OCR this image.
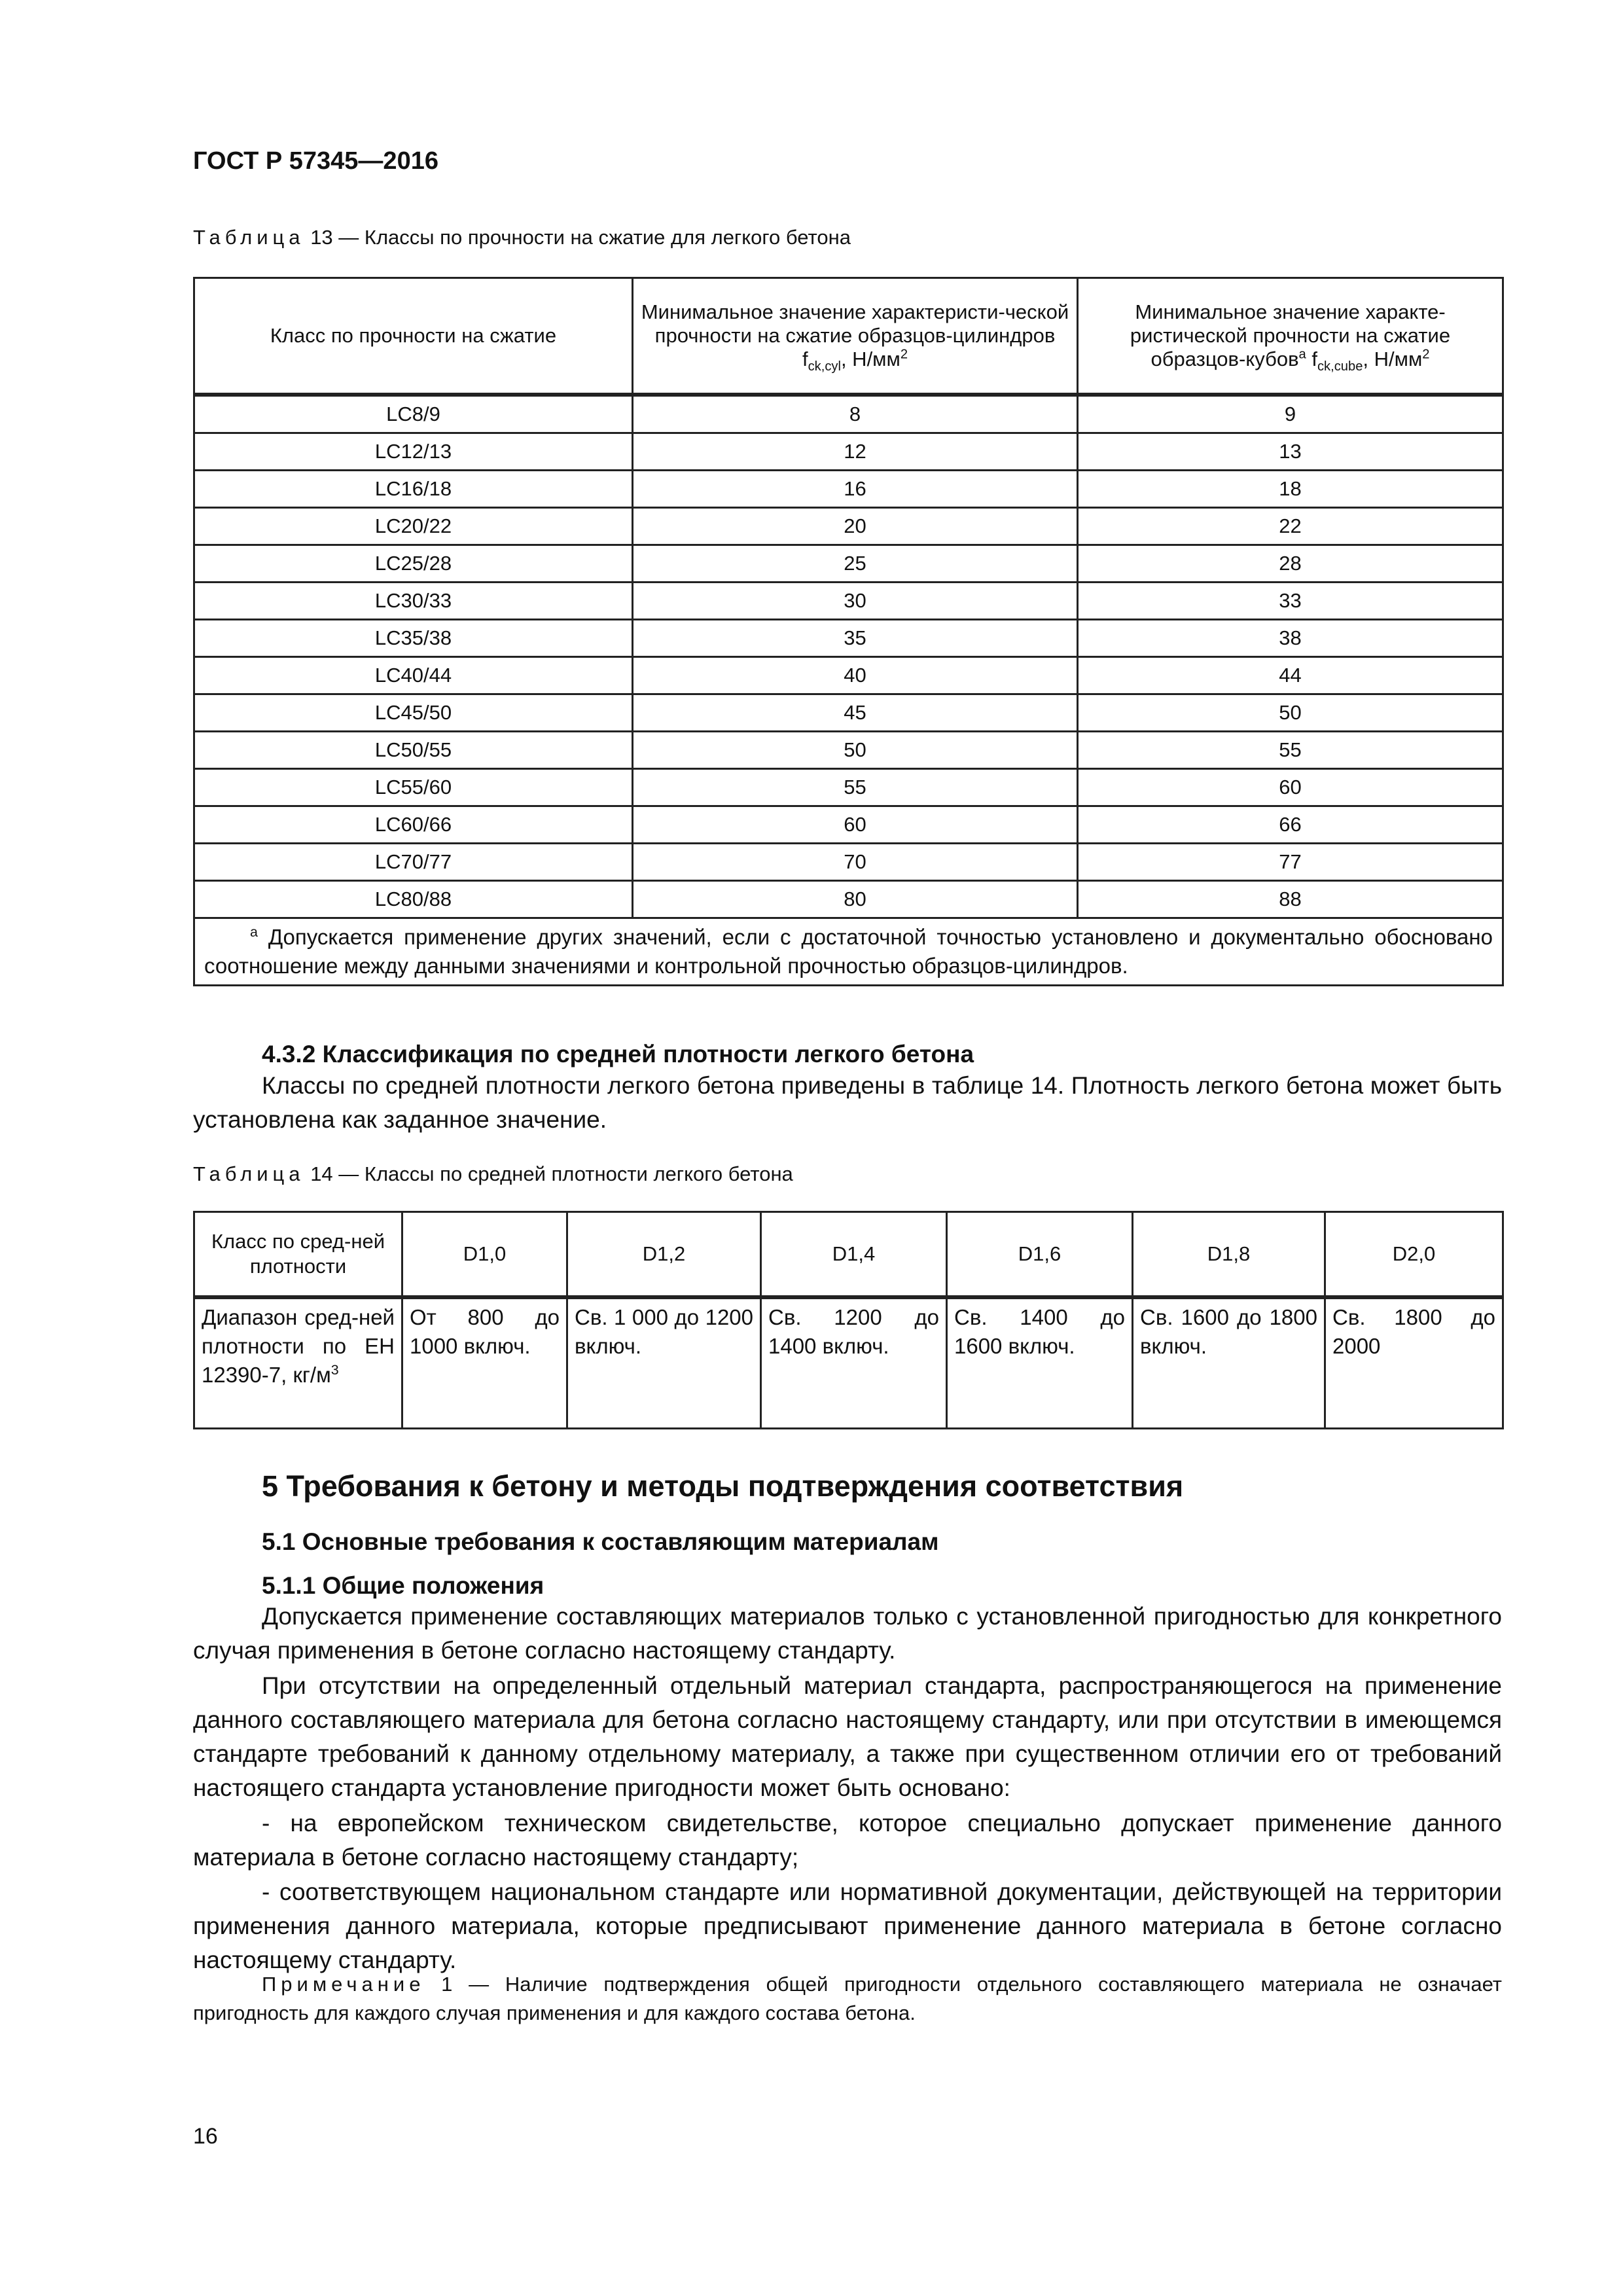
ГОСТ Р 57345—2016
Таблица 13 — Классы по прочности на сжатие для легкого бетона
Класс по прочности на сжатие	Минимальное значение характеристи-ческой прочности на сжатие образцов-цилиндров $f_{ck,cyl}$, $Н/мм^2$	Минимальное значение характе-ристической прочности на сжатие образцов-кубов$^a$ $f_{ck,cube}$, $Н/мм^2$
LC8/9	8	9
LC12/13	12	13
LC16/18	16	18
LC20/22	20	22
LC25/28	25	28
LC30/33	30	33
LC35/38	35	38
LC40/44	40	44
LC45/50	45	50
LC50/55	50	55
LC55/60	55	60
LC60/66	60	66
LC70/77	70	77
LC80/88	80	88
$^a$ Допускается применение других значений, если с достаточной точностью установлено и документально обосновано соотношение между данными значениями и контрольной прочностью образцов-цилиндров.		
4.3.2 Классификация по средней плотности легкого бетона
Классы по средней плотности легкого бетона приведены в таблице 14. Плотность легкого бетона может быть установлена как заданное значение.
Таблица 14 — Классы по средней плотности легкого бетона
Класс по сред-ней плотности	D1,0	D1,2	D1,4	D1,6	D1,8	D2,0
Диапазон сред-ней плотности по ЕН 12390-7, $кг/м^3$	От 800 до 1000 включ.	Св. 1 000 до 1200 включ.	Св. 1200 до 1400 включ.	Св. 1400 до 1600 включ.	Св. 1600 до 1800 включ.	Св. 1800 до 2000
5 Требования к бетону и методы подтверждения соответствия
5.1 Основные требования к составляющим материалам
5.1.1 Общие положения
Допускается применение составляющих материалов только с установленной пригодностью для конкретного случая применения в бетоне согласно настоящему стандарту.
При отсутствии на определенный отдельный материал стандарта, распространяющегося на применение данного составляющего материала для бетона согласно настоящему стандарту, или при отсутствии в имеющемся стандарте требований к данному отдельному материалу, а также при существенном отличии его от требований настоящего стандарта установление пригодности может быть основано:
- на европейском техническом свидетельстве, которое специально допускает применение данного материала в бетоне согласно настоящему стандарту;
- соответствующем национальном стандарте или нормативной документации, действующей на территории применения данного материала, которые предписывают применение данного материала в бетоне согласно настоящему стандарту.
Примечание 1 — Наличие подтверждения общей пригодности отдельного составляющего материала не означает пригодность для каждого случая применения и для каждого состава бетона.
16
